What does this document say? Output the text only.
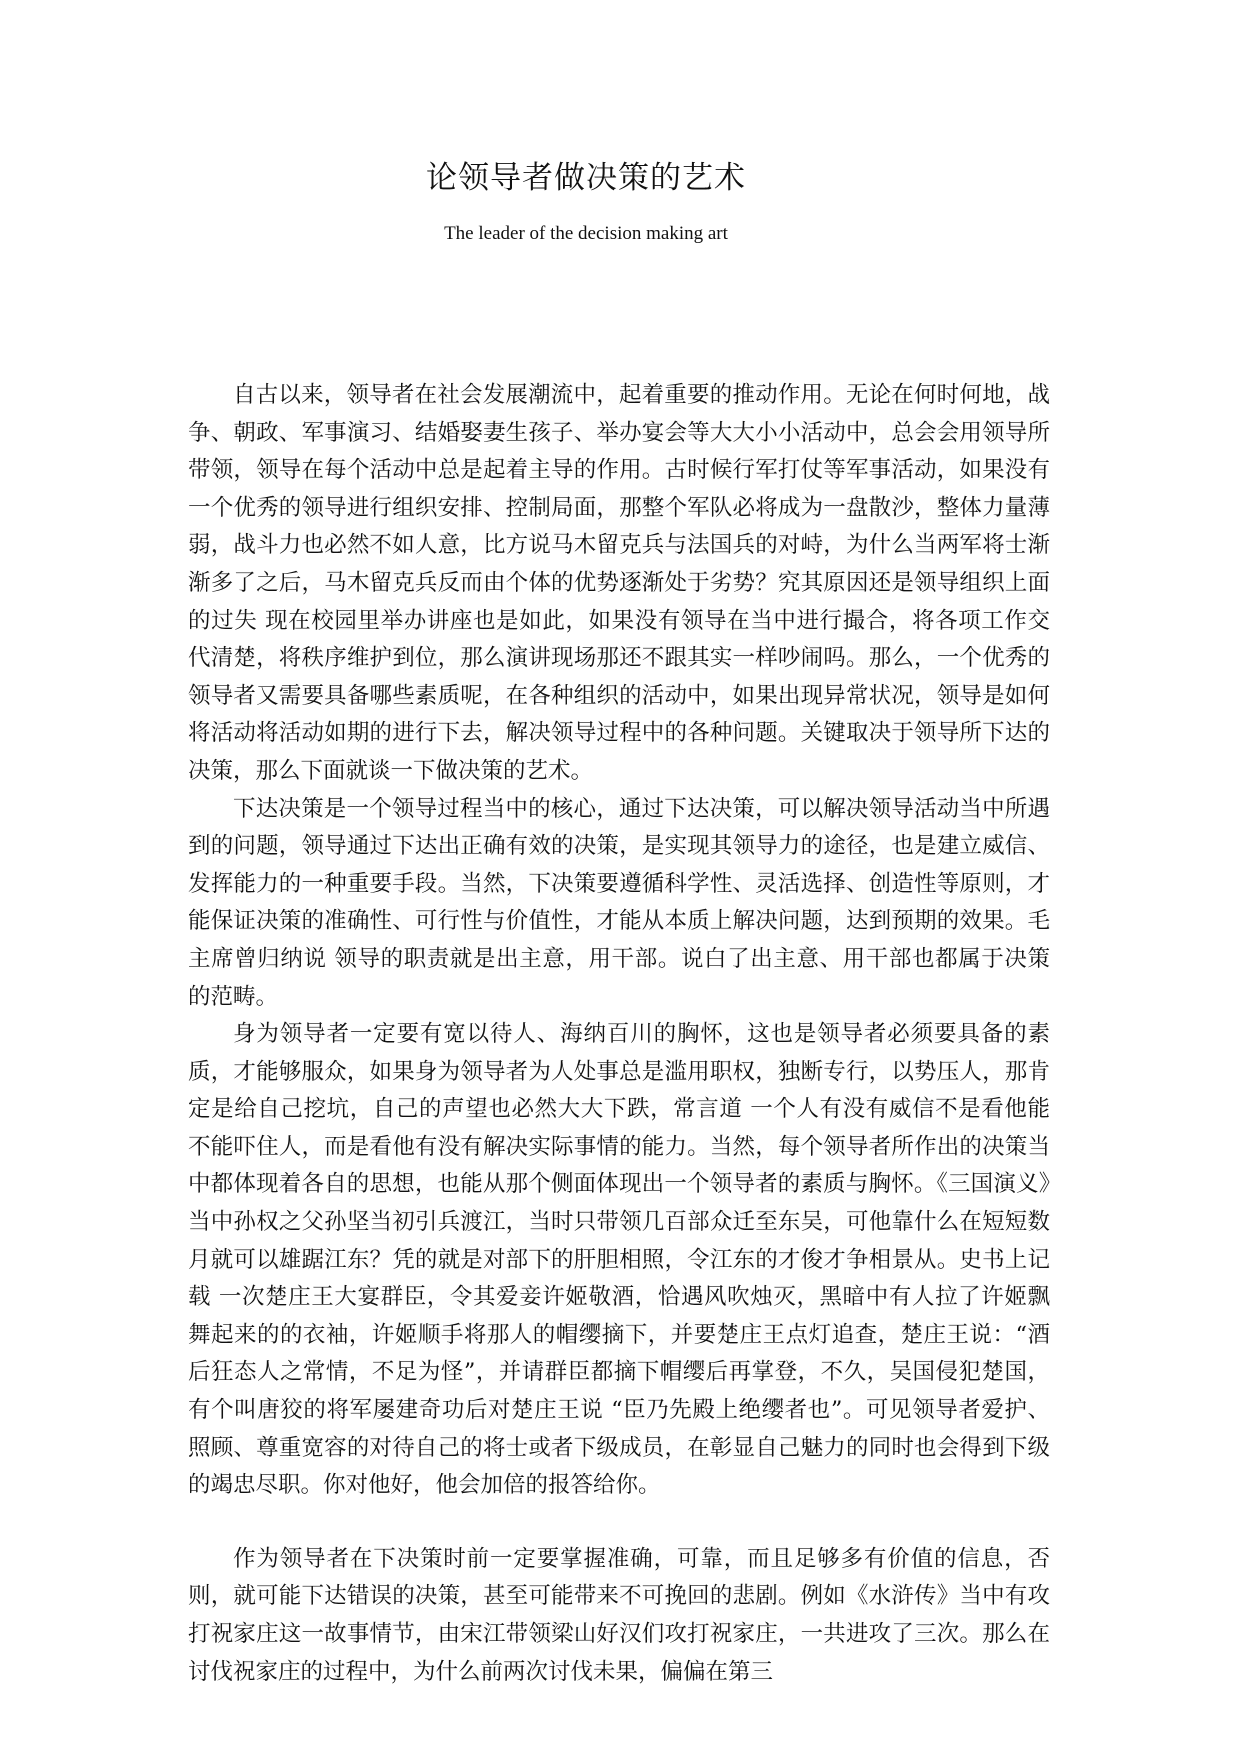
论领导者做决策的艺术
The leader of the decision making art

自古以来，领导者在社会发展潮流中，起着重要的推动作用。无论在何时何地，战争、朝政、军事演习、结婚娶妻生孩子、举办宴会等大大小小活动中，总会会用领导所带领，领导在每个活动中总是起着主导的作用。古时候行军打仗等军事活动，如果没有一个优秀的领导进行组织安排、控制局面，那整个军队必将成为一盘散沙，整体力量薄弱，战斗力也必然不如人意，比方说马木留克兵与法国兵的对峙，为什么当两军将士渐渐多了之后，马木留克兵反而由个体的优势逐渐处于劣势？究其原因还是领导组织上面的过失 现在校园里举办讲座也是如此，如果没有领导在当中进行撮合，将各项工作交代清楚，将秩序维护到位，那么演讲现场那还不跟其实一样吵闹吗。那么，一个优秀的领导者又需要具备哪些素质呢，在各种组织的活动中，如果出现异常状况，领导是如何将活动将活动如期的进行下去，解决领导过程中的各种问题。关键取决于领导所下达的决策，那么下面就谈一下做决策的艺术。

下达决策是一个领导过程当中的核心，通过下达决策，可以解决领导活动当中所遇到的问题，领导通过下达出正确有效的决策，是实现其领导力的途径，也是建立威信、发挥能力的一种重要手段。当然，下决策要遵循科学性、灵活选择、创造性等原则，才能保证决策的准确性、可行性与价值性，才能从本质上解决问题，达到预期的效果。毛主席曾归纳说 领导的职责就是出主意，用干部。说白了出主意、用干部也都属于决策的范畴。

身为领导者一定要有宽以待人、海纳百川的胸怀，这也是领导者必须要具备的素质，才能够服众，如果身为领导者为人处事总是滥用职权，独断专行，以势压人，那肯定是给自己挖坑，自己的声望也必然大大下跌，常言道 一个人有没有威信不是看他能不能吓住人，而是看他有没有解决实际事情的能力。当然，每个领导者所作出的决策当中都体现着各自的思想，也能从那个侧面体现出一个领导者的素质与胸怀。《三国演义》当中孙权之父孙坚当初引兵渡江，当时只带领几百部众迁至东吴，可他靠什么在短短数月就可以雄踞江东？凭的就是对部下的肝胆相照，令江东的才俊才争相景从。史书上记载 一次楚庄王大宴群臣，令其爱妾许姬敬酒，恰遇风吹烛灭，黑暗中有人拉了许姬飘舞起来的的衣袖，许姬顺手将那人的帽缨摘下，并要楚庄王点灯追查，楚庄王说：“酒后狂态人之常情，不足为怪”，并请群臣都摘下帽缨后再掌登，不久，吴国侵犯楚国，有个叫唐狡的将军屡建奇功后对楚庄王说 “臣乃先殿上绝缨者也”。可见领导者爱护、照顾、尊重宽容的对待自己的将士或者下级成员，在彰显自己魅力的同时也会得到下级的竭忠尽职。你对他好，他会加倍的报答给你。

作为领导者在下决策时前一定要掌握准确，可靠，而且足够多有价值的信息，否则，就可能下达错误的决策，甚至可能带来不可挽回的悲剧。例如《水浒传》当中有攻打祝家庄这一故事情节，由宋江带领梁山好汉们攻打祝家庄，一共进攻了三次。那么在讨伐祝家庄的过程中，为什么前两次讨伐未果，偏偏在第三
